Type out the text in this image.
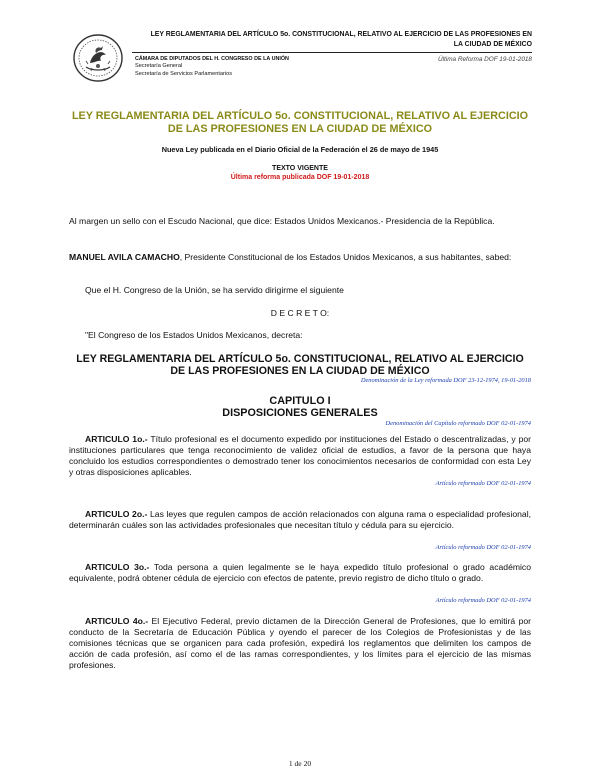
LEY REGLAMENTARIA DEL ARTÍCULO 5o. CONSTITUCIONAL, RELATIVO AL EJERCICIO DE LAS PROFESIONES EN LA CIUDAD DE MÉXICO
CÁMARA DE DIPUTADOS DEL H. CONGRESO DE LA UNIÓN
Secretaría General
Secretaría de Servicios Parlamentarios
Última Reforma DOF 19-01-2018
LEY REGLAMENTARIA DEL ARTÍCULO 5o. CONSTITUCIONAL, RELATIVO AL EJERCICIO DE LAS PROFESIONES EN LA CIUDAD DE MÉXICO
Nueva Ley publicada en el Diario Oficial de la Federación el 26 de mayo de 1945
TEXTO VIGENTE
Última reforma publicada DOF 19-01-2018
Al margen un sello con el Escudo Nacional, que dice: Estados Unidos Mexicanos.- Presidencia de la República.
MANUEL AVILA CAMACHO, Presidente Constitucional de los Estados Unidos Mexicanos, a sus habitantes, sabed:
Que el H. Congreso de la Unión, se ha servido dirigirme el siguiente
D E C R E T O:
"El Congreso de los Estados Unidos Mexicanos, decreta:
LEY REGLAMENTARIA DEL ARTÍCULO 5o. CONSTITUCIONAL, RELATIVO AL EJERCICIO DE LAS PROFESIONES EN LA CIUDAD DE MÉXICO
Denominación de la Ley reformada DOF 23-12-1974, 19-01-2018
CAPITULO I
DISPOSICIONES GENERALES
Denominación del Capítulo reformado DOF 02-01-1974
ARTICULO 1o.- Título profesional es el documento expedido por instituciones del Estado o descentralizadas, y por instituciones particulares que tenga reconocimiento de validez oficial de estudios, a favor de la persona que haya concluido los estudios correspondientes o demostrado tener los conocimientos necesarios de conformidad con esta Ley y otras disposiciones aplicables.
Artículo reformado DOF 02-01-1974
ARTICULO 2o.- Las leyes que regulen campos de acción relacionados con alguna rama o especialidad profesional, determinarán cuáles son las actividades profesionales que necesitan título y cédula para su ejercicio.
Artículo reformado DOF 02-01-1974
ARTICULO 3o.- Toda persona a quien legalmente se le haya expedido título profesional o grado académico equivalente, podrá obtener cédula de ejercicio con efectos de patente, previo registro de dicho título o grado.
Artículo reformado DOF 02-01-1974
ARTICULO 4o.- El Ejecutivo Federal, previo dictamen de la Dirección General de Profesiones, que lo emitirá por conducto de la Secretaría de Educación Pública y oyendo el parecer de los Colegios de Profesionistas y de las comisiones técnicas que se organicen para cada profesión, expedirá los reglamentos que delimiten los campos de acción de cada profesión, así como el de las ramas correspondientes, y los límites para el ejercicio de las mismas profesiones.
1 de 20
